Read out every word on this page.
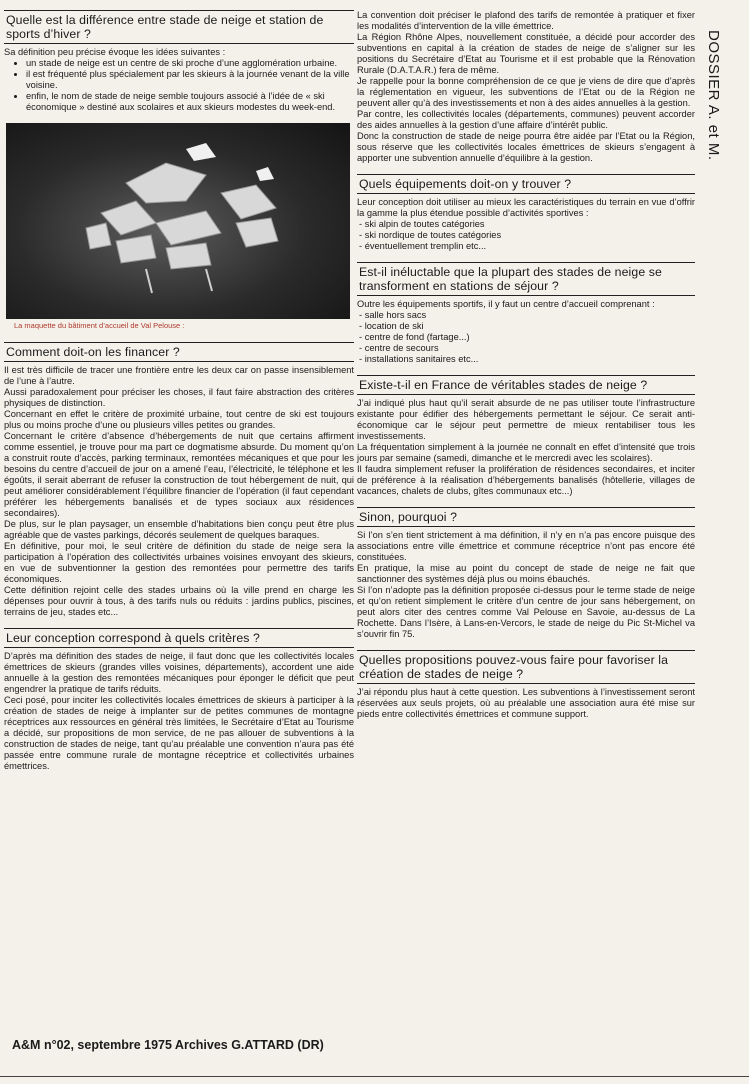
Quelle est la différence entre stade de neige et station de sports d’hiver ?

Sa définition peu précise évoque les idées suivantes :

• un stade de neige est un centre de ski proche d’une agglomération urbaine.
• il est fréquenté plus spécialement par les skieurs à la journée venant de la ville voisine.
• enfin, le nom de stade de neige semble toujours associé à l’idée de « ski économique » destiné aux scolaires et aux skieurs modestes du week-end.

La maquette du bâtiment d’accueil de Val Pelouse :

Comment doit-on les financer ?

Il est très difficile de tracer une frontière entre les deux car on passe insensiblement de l’une à l’autre.

Aussi paradoxalement pour préciser les choses, il faut faire abstraction des critères physiques de distinction.

Concernant en effet le critère de proximité urbaine, tout centre de ski est toujours plus ou moins proche d’une ou plusieurs villes petites ou grandes.

Concernant le critère d’absence d’hébergements de nuit que certains affirment comme essentiel, je trouve pour ma part ce dogmatisme absurde. Du moment qu’on a construit route d’accès, parking terminaux, remontées mécaniques et que pour les besoins du centre d’accueil de jour on a amené l’eau, l’électricité, le téléphone et les égoûts, il serait aberrant de refuser la construction de tout hébergement de nuit, qui peut améliorer considérablement l’équilibre financier de l’opération (il faut cependant préférer les hébergements banalisés et de types sociaux aux résidences secondaires).

De plus, sur le plan paysager, un ensemble d’habitations bien conçu peut être plus agréable que de vastes parkings, décorés seulement de quelques baraques.

En définitive, pour moi, le seul critère de définition du stade de neige sera la participation à l’opération des collectivités urbaines voisines envoyant des skieurs, en vue de subventionner la gestion des remontées pour permettre des tarifs économiques.

Cette définition rejoint celle des stades urbains où la ville prend en charge les dépenses pour ouvrir à tous, à des tarifs nuls ou réduits : jardins publics, piscines, terrains de jeu, stades etc...

Leur conception correspond à quels critères ?

D’après ma définition des stades de neige, il faut donc que les collectivités locales émettrices de skieurs (grandes villes voisines, départements), accordent une aide annuelle à la gestion des remontées mécaniques pour éponger le déficit que peut engendrer la pratique de tarifs réduits.

Ceci posé, pour inciter les collectivités locales émettrices de skieurs à participer à la création de stades de neige à implanter sur de petites communes de montagne réceptrices aux ressources en général très limitées, le Secrétaire d’Etat au Tourisme a décidé, sur propositions de mon service, de ne pas allouer de subventions à la construction de stades de neige, tant qu’au préalable une convention n’aura pas été passée entre commune rurale de montagne réceptrice et collectivités urbaines émettrices.

La convention doit préciser le plafond des tarifs de remontée à pratiquer et fixer les modalités d’intervention de la ville émettrice.

La Région Rhône Alpes, nouvellement constituée, a décidé pour accorder des subventions en capital à la création de stades de neige de s’aligner sur les positions du Secrétaire d’Etat au Tourisme et il est probable que la Rénovation Rurale (D.A.T.A.R.) fera de même.

Je rappelle pour la bonne compréhension de ce que je viens de dire que d’après la réglementation en vigueur, les subventions de l’Etat ou de la Région ne peuvent aller qu’à des investissements et non à des aides annuelles à la gestion.

Par contre, les collectivités locales (départements, communes) peuvent accorder des aides annuelles à la gestion d’une affaire d’intérêt public.

Donc la construction de stade de neige pourra être aidée par l’Etat ou la Région, sous réserve que les collectivités locales émettrices de skieurs s’engagent à apporter une subvention annuelle d’équilibre à la gestion.

Quels équipements doit-on y trouver ?

Leur conception doit utiliser au mieux les caractéristiques du terrain en vue d’offrir la gamme la plus étendue possible d’activités sportives :

- ski alpin de toutes catégories
- ski nordique de toutes catégories
- éventuellement tremplin etc...
Est-il inéluctable que la plupart des stades de neige se transforment en stations de séjour ?

Outre les équipements sportifs, il y faut un centre d’accueil comprenant :

- salle hors sacs
- location de ski
- centre de fond (fartage...)
- centre de secours
- installations sanitaires etc...
Existe-t-il en France de véritables stades de neige ?

J’ai indiqué plus haut qu’il serait absurde de ne pas utiliser toute l’infrastructure existante pour édifier des hébergements permettant le séjour. Ce serait anti-économique car le séjour peut permettre de mieux rentabiliser tous les investissements.

La fréquentation simplement à la journée ne connaît en effet d’intensité que trois jours par semaine (samedi, dimanche et le mercredi avec les scolaires).

Il faudra simplement refuser la prolifération de résidences secondaires, et inciter de préférence à la réalisation d’hébergements banalisés (hôtellerie, villages de vacances, chalets de clubs, gîtes communaux etc...)

Sinon, pourquoi ?

Si l’on s’en tient strictement à ma définition, il n’y en n’a pas encore puisque des associations entre ville émettrice et commune réceptrice n’ont pas encore été constituées.

En pratique, la mise au point du concept de stade de neige ne fait que sanctionner des systèmes déjà plus ou moins ébauchés.

Si l’on n’adopte pas la définition proposée ci-dessus pour le terme stade de neige et qu’on retient simplement le critère d’un centre de jour sans hébergement, on peut alors citer des centres comme Val Pelouse en Savoie, au-dessus de La Rochette. Dans l’Isère, à Lans-en-Vercors, le stade de neige du Pic St-Michel va s’ouvrir fin 75.

Quelles propositions pouvez-vous faire pour favoriser la création de stades de neige ?

J’ai répondu plus haut à cette question. Les subventions à l’investissement seront réservées aux seuls projets, où au préalable une association aura été mise sur pieds entre collectivités émettrices et commune support.

DOSSIER A. et M.
A&M n°02, septembre 1975 Archives G.ATTARD (DR)
